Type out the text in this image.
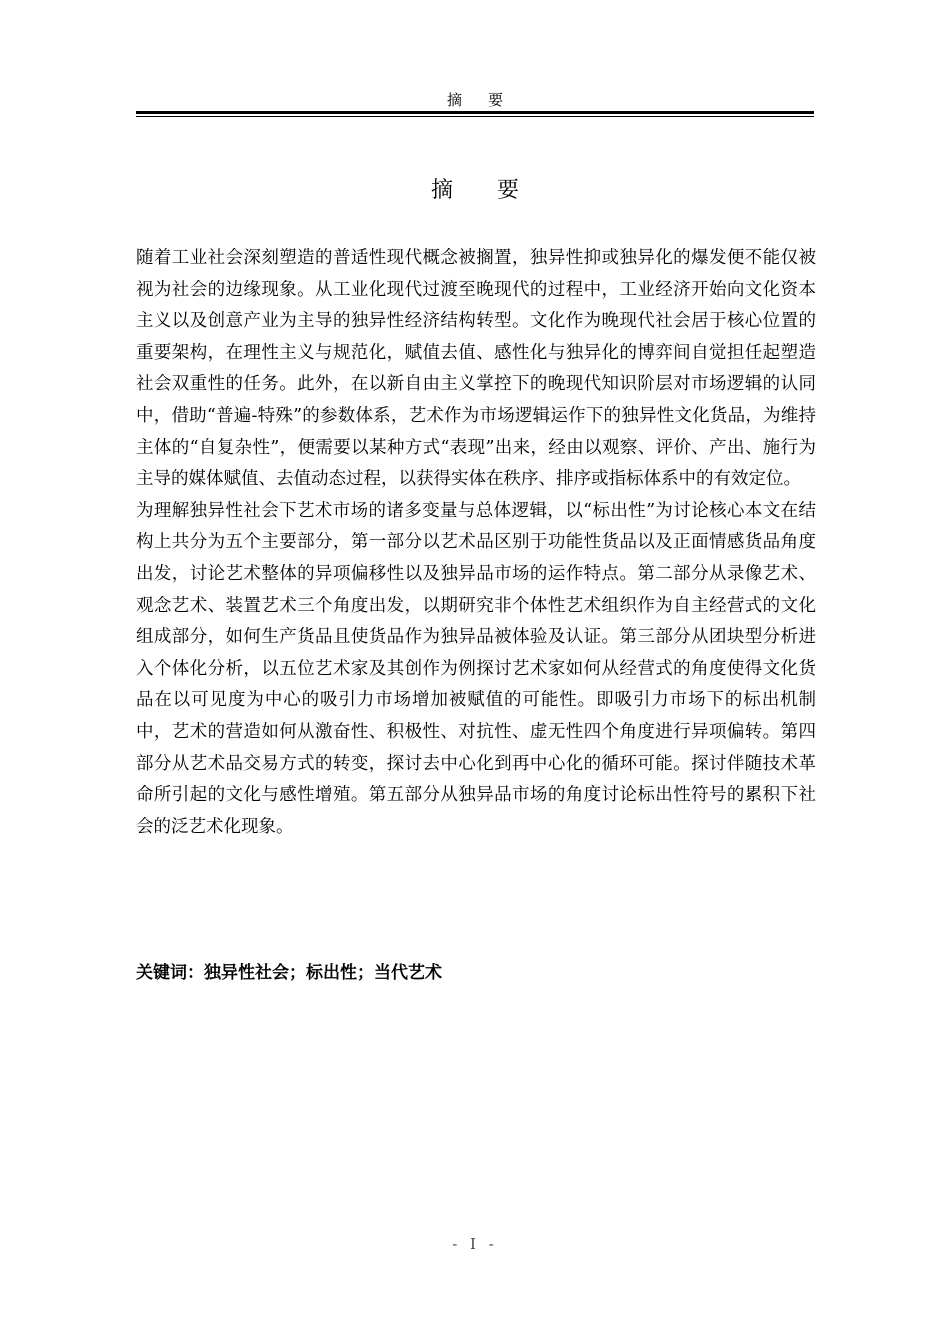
摘要
摘要

随着工业社会深刻塑造的普适性现代概念被搁置，独异性抑或独异化的爆发便不能仅被视为社会的边缘现象。从工业化现代过渡至晚现代的过程中，工业经济开始向文化资本主义以及创意产业为主导的独异性经济结构转型。文化作为晚现代社会居于核心位置的重要架构，在理性主义与规范化，赋值去值、感性化与独异化的博弈间自觉担任起塑造社会双重性的任务。此外，在以新自由主义掌控下的晚现代知识阶层对市场逻辑的认同中，借助“普遍-特殊”的参数体系，艺术作为市场逻辑运作下的独异性文化货品，为维持主体的“自复杂性”，便需要以某种方式“表现”出来，经由以观察、评价、产出、施行为主导的媒体赋值、去值动态过程，以获得实体在秩序、排序或指标体系中的有效定位。

为理解独异性社会下艺术市场的诸多变量与总体逻辑，以“标出性”为讨论核心本文在结构上共分为五个主要部分，第一部分以艺术品区别于功能性货品以及正面情感货品角度出发，讨论艺术整体的异项偏移性以及独异品市场的运作特点。第二部分从录像艺术、观念艺术、装置艺术三个角度出发，以期研究非个体性艺术组织作为自主经营式的文化组成部分，如何生产货品且使货品作为独异品被体验及认证。第三部分从团块型分析进入个体化分析，以五位艺术家及其创作为例探讨艺术家如何从经营式的角度使得文化货品在以可见度为中心的吸引力市场增加被赋值的可能性。即吸引力市场下的标出机制中，艺术的营造如何从激奋性、积极性、对抗性、虚无性四个角度进行异项偏转。第四部分从艺术品交易方式的转变，探讨去中心化到再中心化的循环可能。探讨伴随技术革命所引起的文化与感性增殖。第五部分从独异品市场的角度讨论标出性符号的累积下社会的泛艺术化现象。

关键词：独异性社会；标出性；当代艺术
- I -
